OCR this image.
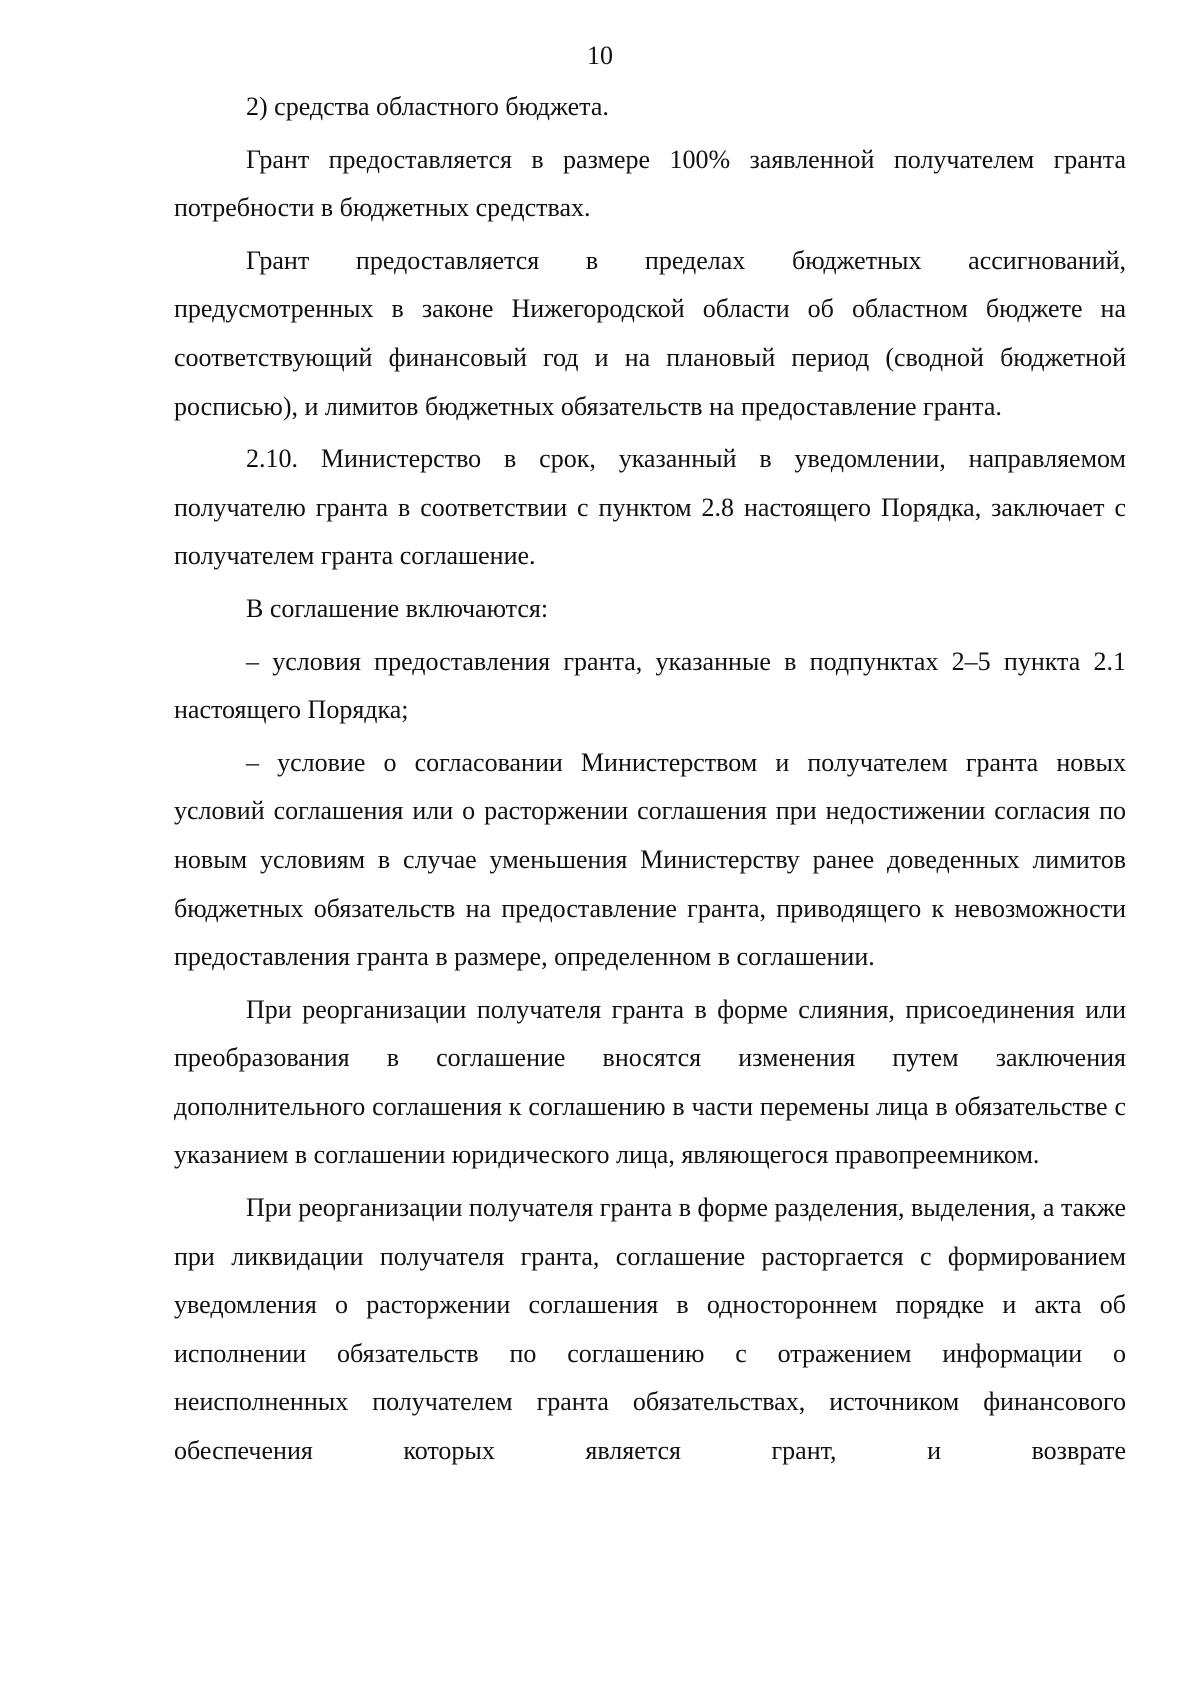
10

2) средства областного бюджета.

Грант предоставляется в размере 100% заявленной получателем гранта потребности в бюджетных средствах.

Грант предоставляется в пределах бюджетных ассигнований, предусмотренных в законе Нижегородской области об областном бюджете на соответствующий финансовый год и на плановый период (сводной бюджетной росписью), и лимитов бюджетных обязательств на предоставление гранта.

2.10. Министерство в срок, указанный в уведомлении, направляемом получателю гранта в соответствии с пунктом 2.8 настоящего Порядка, заключает с получателем гранта соглашение.

В соглашение включаются:

– условия предоставления гранта, указанные в подпунктах 2–5 пункта 2.1 настоящего Порядка;

– условие о согласовании Министерством и получателем гранта новых условий соглашения или о расторжении соглашения при недостижении согласия по новым условиям в случае уменьшения Министерству ранее доведенных лимитов бюджетных обязательств на предоставление гранта, приводящего к невозможности предоставления гранта в размере, определенном в соглашении.

При реорганизации получателя гранта в форме слияния, присоединения или преобразования в соглашение вносятся изменения путем заключения дополнительного соглашения к соглашению в части перемены лица в обязательстве с указанием в соглашении юридического лица, являющегося правопреемником.

При реорганизации получателя гранта в форме разделения, выделения, а также при ликвидации получателя гранта, соглашение расторгается с формированием уведомления о расторжении соглашения в одностороннем порядке и акта об исполнении обязательств по соглашению с отражением информации о неисполненных получателем гранта обязательствах, источником финансового обеспечения которых является грант, и возврате
